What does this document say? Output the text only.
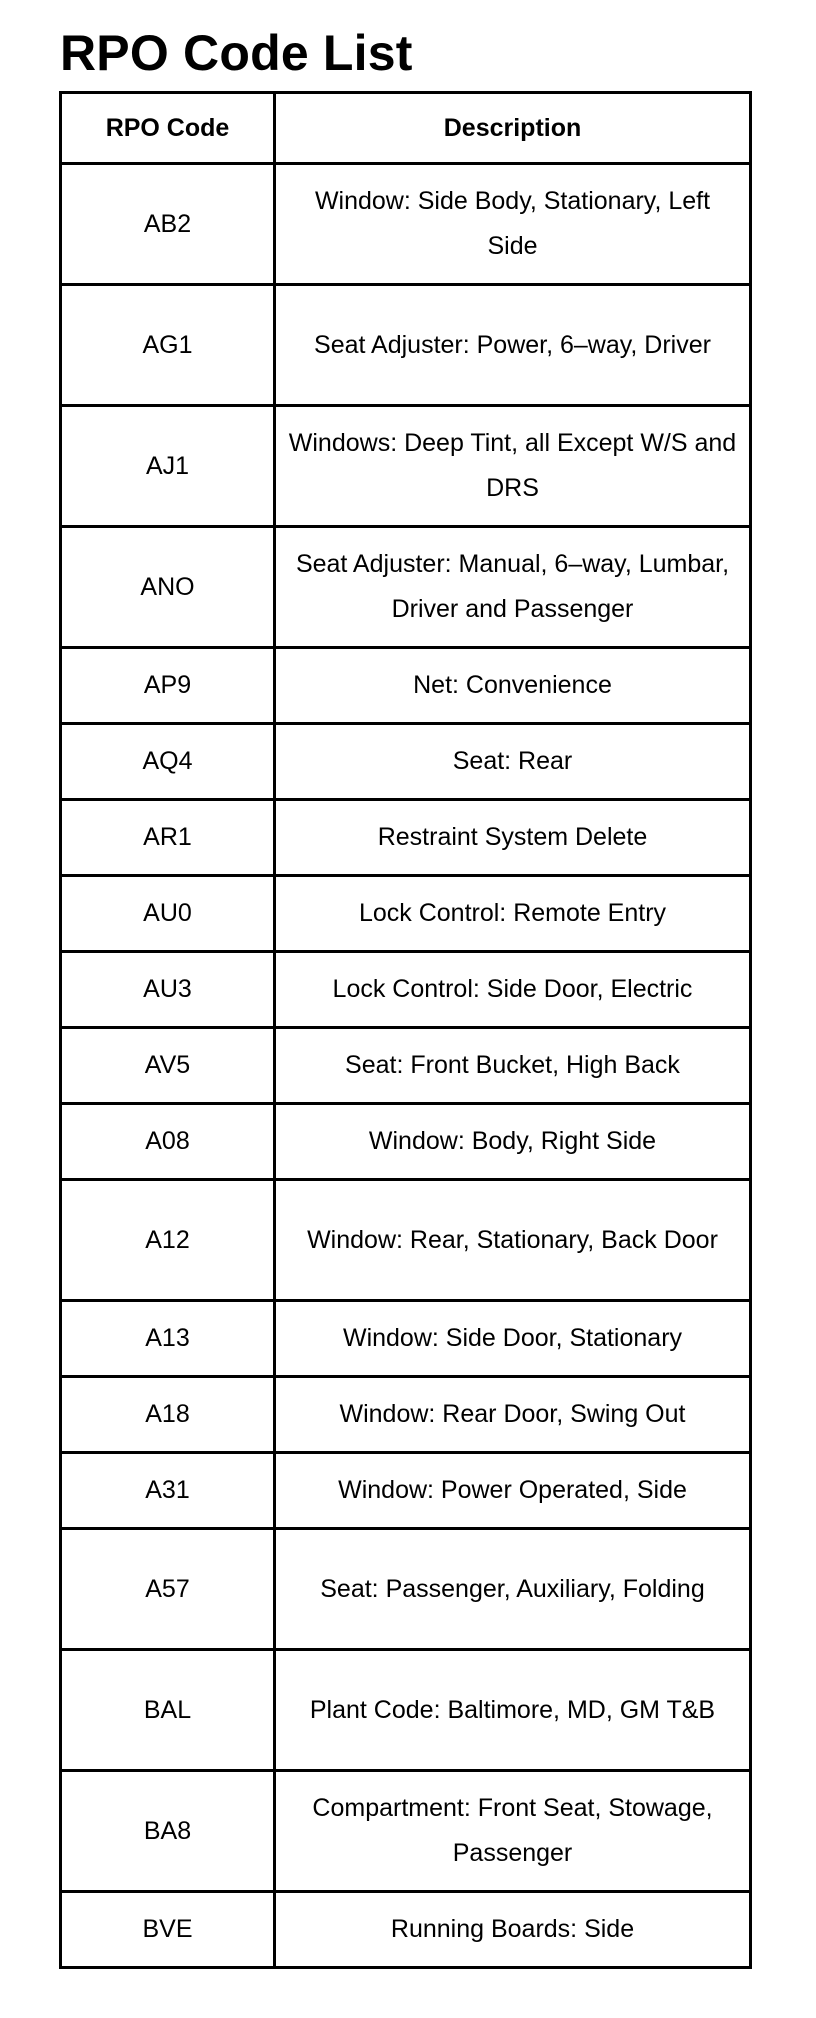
RPO Code List
RPO Code	Description
AB2	Window: Side Body, Stationary, Left Side
AG1	Seat Adjuster: Power, 6–way, Driver
AJ1	Windows: Deep Tint, all Except W/S and DRS
ANO	Seat Adjuster: Manual, 6–way, Lumbar, Driver and Passenger
AP9	Net: Convenience
AQ4	Seat: Rear
AR1	Restraint System Delete
AU0	Lock Control: Remote Entry
AU3	Lock Control: Side Door, Electric
AV5	Seat: Front Bucket, High Back
A08	Window: Body, Right Side
A12	Window: Rear, Stationary, Back Door
A13	Window: Side Door, Stationary
A18	Window: Rear Door, Swing Out
A31	Window: Power Operated, Side
A57	Seat: Passenger, Auxiliary, Folding
BAL	Plant Code: Baltimore, MD, GM T&B
BA8	Compartment: Front Seat, Stowage, Passenger
BVE	Running Boards: Side
